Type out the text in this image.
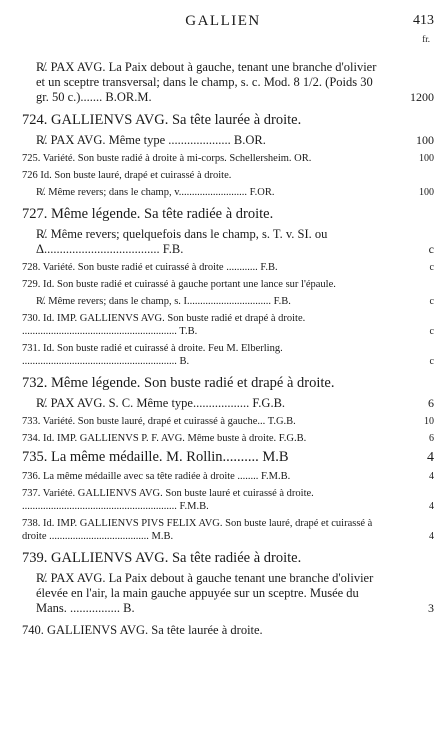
GALLIEN	413
fr.
R̸. PAX AVG. La Paix debout à gauche, tenant une branche d'olivier et un sceptre transversal; dans le champ, s. c. Mod. 8 1/2. (Poids 30 gr. 50 c.)....... B.OR.M.	1200
724. GALLIENVS AVG. Sa tête laurée à droite.
R̸. PAX AVG. Même type .................... B.OR.	100
725. Variété. Son buste radié à droite à mi-corps. Schellersheim. OR.	100
726 Id. Son buste lauré, drapé et cuirassé à droite.
R̸. Même revers; dans le champ, v.......................... F.OR.	100
727. Même légende. Sa tête radiée à droite.
R̸. Même revers; quelquefois dans le champ, s. T. v. SI. ou Δ..................................... F.B.	c
728. Variété. Son buste radié et cuirassé à droite ............ F.B.	c
729. Id. Son buste radié et cuirassé à gauche portant une lance sur l'épaule.
R̸. Même revers; dans le champ, s. I................................ F.B.	c
730. Id. IMP. GALLIENVS AVG. Son buste radié et drapé à droite. ........................................................... T.B.	c
731. Id. Son buste radié et cuirassé à droite. Feu M. Elberling. ........................................................... B.	c
732. Même légende. Son buste radié et drapé à droite.
R̸. PAX AVG. S. C. Même type.................. F.G.B.	6
733. Variété. Son buste lauré, drapé et cuirassé à gauche... T.G.B.	10
734. Id. IMP. GALLIENVS P. F. AVG. Même buste à droite. F.G.B.	6
735. La même médaille. M. Rollin.......... M.B	4
736. La même médaille avec sa tête radiée à droite ........ F.M.B.	4
737. Variété. GALLIENVS AVG. Son buste lauré et cuirassé à droite. ........................................................... F.M.B.	4
738. Id. IMP. GALLIENVS PIVS FELIX AVG. Son buste lauré, drapé et cuirassé à droite ...................................... M.B.	4
739. GALLIENVS AVG. Sa tête radiée à droite.
R̸. PAX AVG. La Paix debout à gauche tenant une branche d'olivier élevée en l'air, la main gauche appuyée sur un sceptre. Musée du Mans. ................ B.	3
740. GALLIENVS AVG. Sa tête laurée à droite.
